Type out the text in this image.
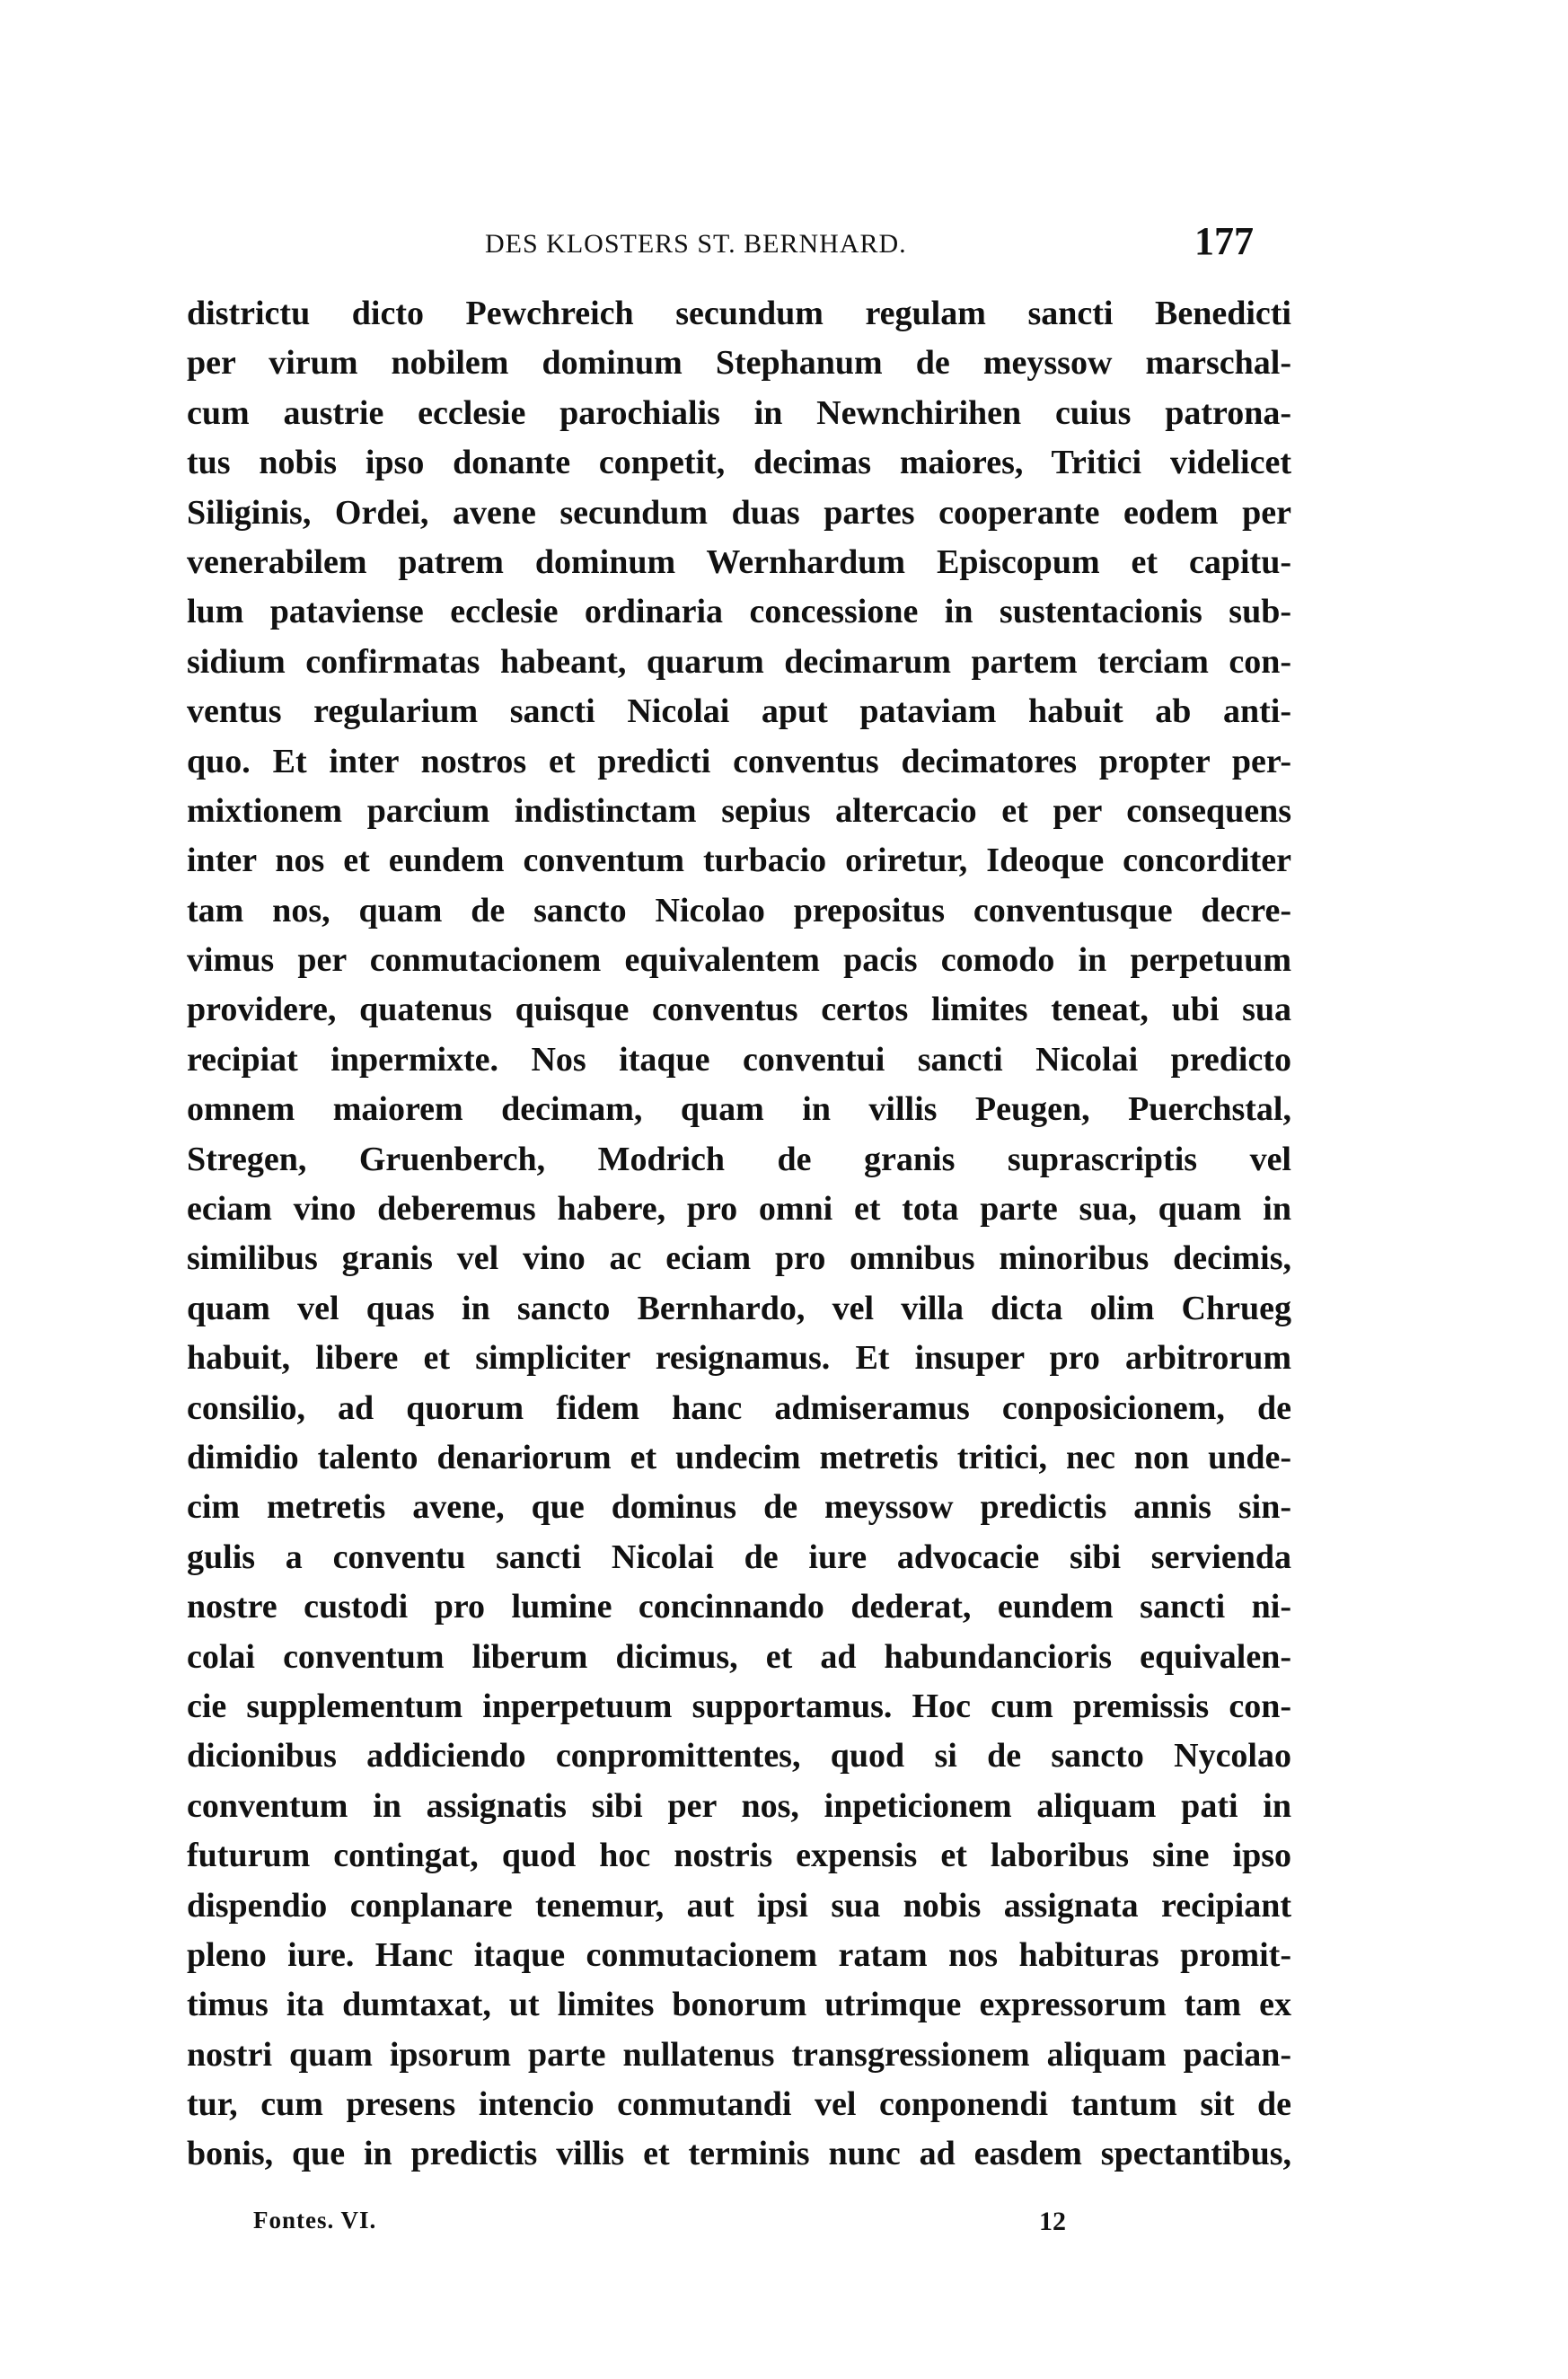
DES KLOSTERS ST. BERNHARD.	177
districtu dicto Pewchreich secundum regulam sancti Benedicti
per virum nobilem dominum Stephanum de meyssow marschal-
cum austrie ecclesie parochialis in Newnchirihen cuius patrona-
tus nobis ipso donante conpetit, decimas maiores, Tritici videlicet
Siliginis, Ordei, avene secundum duas partes cooperante eodem per
venerabilem patrem dominum Wernhardum Episcopum et capitu-
lum pataviense ecclesie ordinaria concessione in sustentacionis sub-
sidium confirmatas habeant, quarum decimarum partem terciam con-
ventus regularium sancti Nicolai aput pataviam habuit ab anti-
quo. Et inter nostros et predicti conventus decimatores propter per-
mixtionem parcium indistinctam sepius altercacio et per consequens
inter nos et eundem conventum turbacio oriretur, Ideoque concorditer
tam nos, quam de sancto Nicolao prepositus conventusque decre-
vimus per conmutacionem equivalentem pacis comodo in perpetuum
providere, quatenus quisque conventus certos limites teneat, ubi sua
recipiat inpermixte. Nos itaque conventui sancti Nicolai predicto
omnem maiorem decimam, quam in villis Peugen, Puerchstal,
Stregen, Gruenberch, Modrich de granis suprascriptis vel
eciam vino deberemus habere, pro omni et tota parte sua, quam in
similibus granis vel vino ac eciam pro omnibus minoribus decimis,
quam vel quas in sancto Bernhardo, vel villa dicta olim Chrueg
habuit, libere et simpliciter resignamus. Et insuper pro arbitrorum
consilio, ad quorum fidem hanc admiseramus conposicionem, de
dimidio talento denariorum et undecim metretis tritici, nec non unde-
cim metretis avene, que dominus de meyssow predictis annis sin-
gulis a conventu sancti Nicolai de iure advocacie sibi servienda
nostre custodi pro lumine concinnando dederat, eundem sancti ni-
colai conventum liberum dicimus, et ad habundancioris equivalen-
cie supplementum inperpetuum supportamus. Hoc cum premissis con-
dicionibus addiciendo conpromittentes, quod si de sancto Nycolao
conventum in assignatis sibi per nos, inpeticionem aliquam pati in
futurum contingat, quod hoc nostris expensis et laboribus sine ipso
dispendio conplanare tenemur, aut ipsi sua nobis assignata recipiant
pleno iure. Hanc itaque conmutacionem ratam nos habituras promit-
timus ita dumtaxat, ut limites bonorum utrimque expressorum tam ex
nostri quam ipsorum parte nullatenus transgressionem aliquam pacian-
tur, cum presens intencio conmutandi vel conponendi tantum sit de
bonis, que in predictis villis et terminis nunc ad easdem spectantibus,
Fontes. VI.	12
